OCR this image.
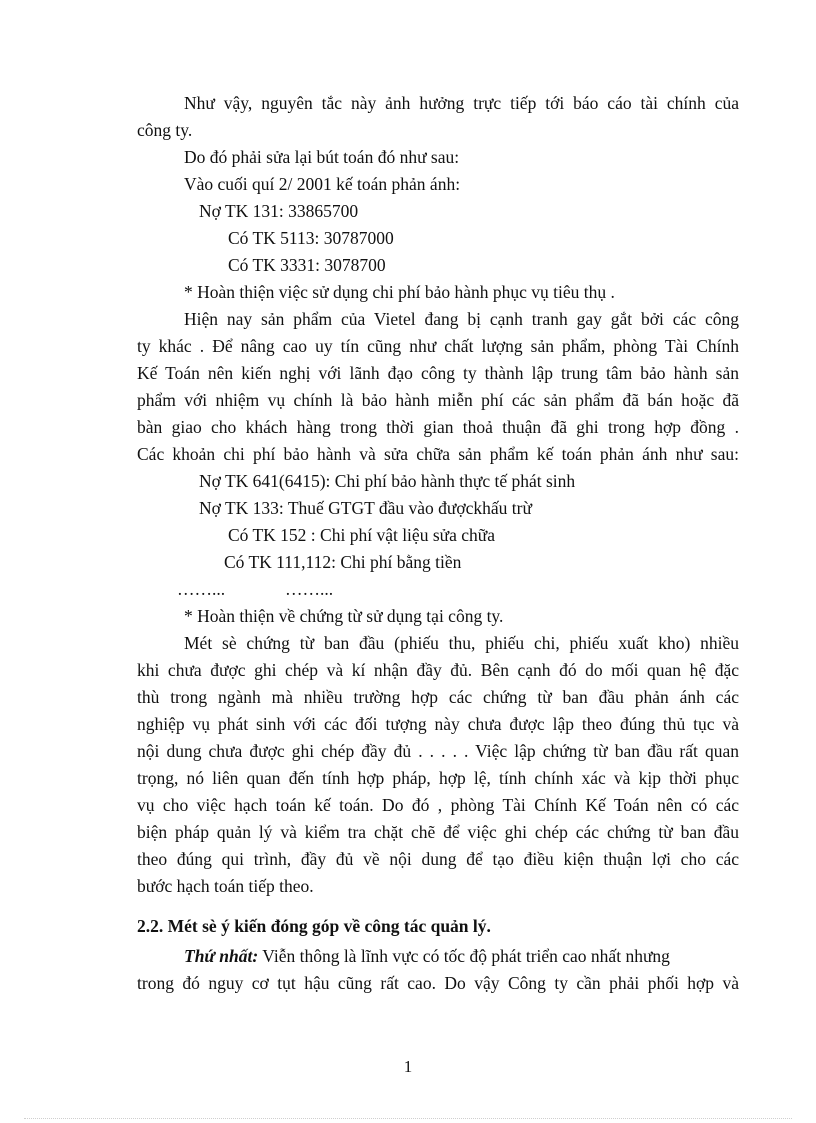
Như vậy, nguyên tắc này ảnh hưởng trực tiếp tới báo cáo tài chính của
công ty.
Do đó phải sửa lại bút toán đó như sau:
Vào cuối quí 2/ 2001 kế toán phản ánh:
Nợ TK 131: 33865700
Có TK 5113: 30787000
Có TK 3331: 3078700
* Hoàn thiện việc sử dụng chi phí bảo hành phục vụ tiêu thụ .
Hiện nay sản phẩm của Vietel đang bị cạnh tranh gay gắt bởi các công
ty khác . Để nâng cao uy tín cũng như chất lượng sản phẩm, phòng Tài Chính
Kế Toán nên kiến nghị với lãnh đạo công ty thành lập trung tâm bảo hành sản
phẩm với nhiệm vụ chính là bảo hành miễn phí các sản phẩm đã bán hoặc đã
bàn giao cho khách hàng trong thời gian thoả thuận đã ghi trong hợp đồng .
Các khoản chi phí bảo hành và sửa chữa sản phẩm kế toán phản ánh như sau:
Nợ TK 641(6415): Chi phí bảo hành thực tế phát sinh
Nợ TK 133: Thuế GTGT đầu vào đượckhấu trừ
Có TK 152 : Chi phí vật liệu sửa chữa
Có TK 111,112: Chi phí bằng tiền
……...	……...
* Hoàn thiện về chứng từ sử dụng tại công ty.
Mét sè chứng từ ban đầu (phiếu thu, phiếu chi, phiếu xuất kho) nhiều
khi chưa được ghi chép và kí nhận đầy đủ. Bên cạnh đó do mối quan hệ đặc
thù trong ngành mà nhiều trường hợp các chứng từ ban đầu phản ánh các
nghiệp vụ phát sinh với các đối tượng này chưa được lập theo đúng thủ tục và
nội dung chưa được ghi chép đầy đủ . . . . . Việc lập chứng từ ban đầu rất quan
trọng, nó liên quan đến tính hợp pháp, hợp lệ, tính chính xác và kịp thời phục
vụ cho việc hạch toán kế toán. Do đó , phòng Tài Chính Kế Toán nên có các
biện pháp quản lý và kiểm tra chặt chẽ để việc ghi chép các chứng từ ban đầu
theo đúng qui trình, đầy đủ về nội dung để tạo điều kiện thuận lợi cho các
bước hạch toán tiếp theo.
2.2. Mét sè ý kiến đóng góp về công tác quản lý.
Thứ nhất: Viễn thông là lĩnh vực có tốc độ phát triển cao nhất nhưng
trong đó nguy cơ tụt hậu cũng rất cao. Do vậy Công ty cần phải phối hợp và
1
